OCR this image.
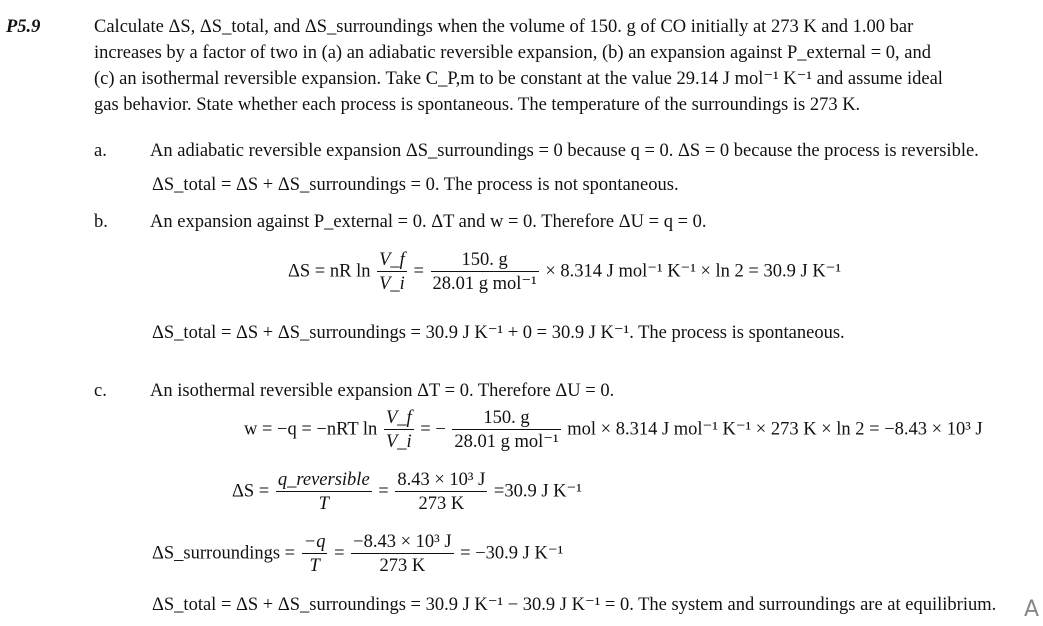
P5.9	Calculate ΔS, ΔS_total, and ΔS_surroundings when the volume of 150. g of CO initially at 273 K and 1.00 bar
increases by a factor of two in (a) an adiabatic reversible expansion, (b) an expansion against P_external = 0, and
(c) an isothermal reversible expansion. Take C_P,m to be constant at the value 29.14 J mol⁻¹ K⁻¹ and assume ideal
gas behavior. State whether each process is spontaneous. The temperature of the surroundings is 273 K.
a. An adiabatic reversible expansion ΔS_surroundings = 0 because q = 0. ΔS = 0 because the process is reversible.
ΔS_total = ΔS + ΔS_surroundings = 0. The process is not spontaneous.
b. An expansion against P_external = 0. ΔT and w = 0. Therefore ΔU = q = 0.
ΔS = nR $\ln \frac{V\_f}{V\_i} = \frac{150. g}{\text{28.01 g mol⁻¹}} \times 8.314$ J mol⁻¹ K⁻¹ × ln 2 = 30.9 J K⁻¹
ΔS_total = ΔS + ΔS_surroundings = 30.9 J K⁻¹ + 0 = 30.9 J K⁻¹. The process is spontaneous.
c. An isothermal reversible expansion ΔT = 0. Therefore ΔU = 0.
w = −q = −nRT $\ln \frac{V\_f}{V\_i}$ = − $\frac{150. g}{\text{28.01 g mol⁻¹}}$ mol × 8.314 J mol⁻¹ K⁻¹ × 273 K × ln 2 = −8.43 × 10³ J
$\Delta S = \frac{\text{q\_reversible}}{T} = \frac{\text{8.43 × 10³ J}}{273 K} =30.9$ J K⁻¹
ΔS_surroundings = $\frac{-q}{T} = \frac{\text{−8.43 × 10³ J}}{273 K} = -30.9$ J K⁻¹
ΔS_total = ΔS + ΔS_surroundings = 30.9 J K⁻¹ − 30.9 J K⁻¹ = 0. The system and surroundings are at equilibrium. A
